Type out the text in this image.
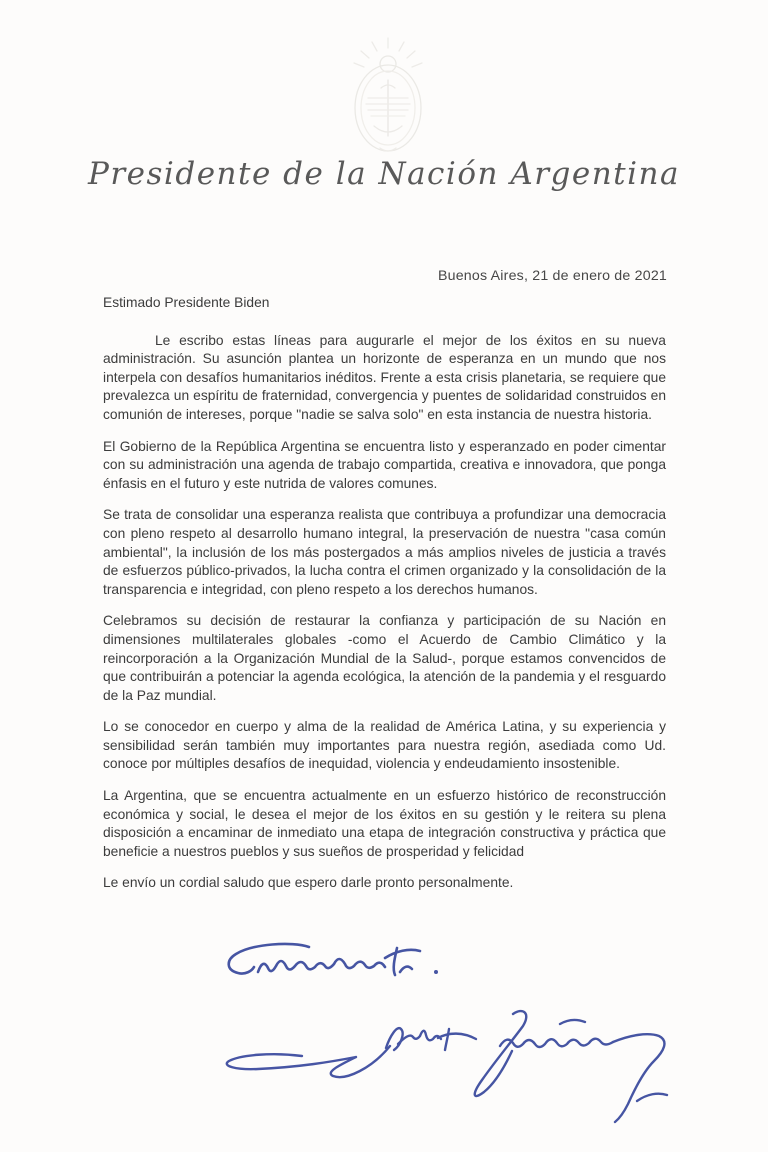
Presidente de la Nación Argentina
Buenos Aires, 21 de enero de 2021

Estimado Presidente Biden

Le escribo estas líneas para augurarle el mejor de los éxitos en su nueva administración. Su asunción plantea un horizonte de esperanza en un mundo que nos interpela con desafíos humanitarios inéditos. Frente a esta crisis planetaria, se requiere que prevalezca un espíritu de fraternidad, convergencia y puentes de solidaridad construidos en comunión de intereses, porque "nadie se salva solo" en esta instancia de nuestra historia.

El Gobierno de la República Argentina se encuentra listo y esperanzado en poder cimentar con su administración una agenda de trabajo compartida, creativa e innovadora, que ponga énfasis en el futuro y este nutrida de valores comunes.

Se trata de consolidar una esperanza realista que contribuya a profundizar una democracia con pleno respeto al desarrollo humano integral, la preservación de nuestra "casa común ambiental", la inclusión de los más postergados a más amplios niveles de justicia a través de esfuerzos público-privados, la lucha contra el crimen organizado y la consolidación de la transparencia e integridad, con pleno respeto a los derechos humanos.

Celebramos su decisión de restaurar la confianza y participación de su Nación en dimensiones multilaterales globales -como el Acuerdo de Cambio Climático y la reincorporación a la Organización Mundial de la Salud-, porque estamos convencidos de que contribuirán a potenciar la agenda ecológica, la atención de la pandemia y el resguardo de la Paz mundial.

Lo se conocedor en cuerpo y alma de la realidad de América Latina, y su experiencia y sensibilidad serán también muy importantes para nuestra región, asediada como Ud. conoce por múltiples desafíos de inequidad, violencia y endeudamiento insostenible.

La Argentina, que se encuentra actualmente en un esfuerzo histórico de reconstrucción económica y social, le desea el mejor de los éxitos en su gestión y le reitera su plena disposición a encaminar de inmediato una etapa de integración constructiva y práctica que beneficie a nuestros pueblos y sus sueños de prosperidad y felicidad

Le envío un cordial saludo que espero darle pronto personalmente.
